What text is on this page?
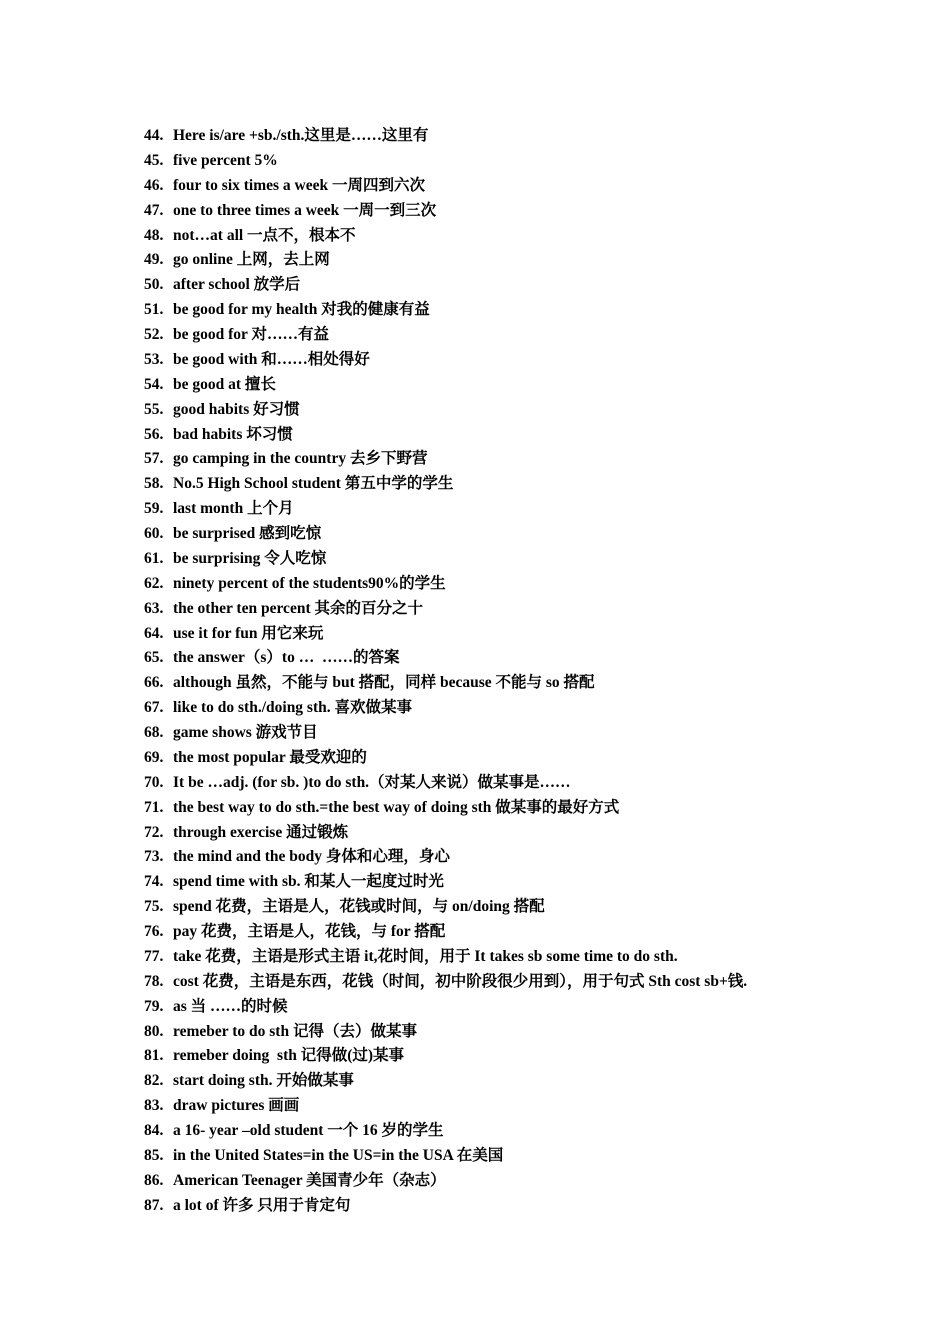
44. Here is/are +sb./sth.这里是……这里有
45. five percent 5%
46. four to six times a week 一周四到六次
47. one to three times a week 一周一到三次
48. not…at all 一点不，根本不
49. go online 上网，去上网
50. after school 放学后
51. be good for my health 对我的健康有益
52. be good for 对……有益
53. be good with 和……相处得好
54. be good at 擅长
55. good habits 好习惯
56. bad habits 坏习惯
57. go camping in the country 去乡下野营
58. No.5 High School student 第五中学的学生
59. last month 上个月
60. be surprised 感到吃惊
61. be surprising 令人吃惊
62. ninety percent of the students90%的学生
63. the other ten percent 其余的百分之十
64. use it for fun 用它来玩
65. the answer（s）to …  ……的答案
66. although 虽然，不能与 but 搭配，同样 because 不能与 so 搭配
67. like to do sth./doing sth. 喜欢做某事
68. game shows 游戏节目
69. the most popular 最受欢迎的
70. It be …adj. (for sb. )to do sth.（对某人来说）做某事是……
71. the best way to do sth.=the best way of doing sth 做某事的最好方式
72. through exercise 通过锻炼
73. the mind and the body 身体和心理，身心
74. spend time with sb. 和某人一起度过时光
75. spend 花费，主语是人，花钱或时间，与 on/doing 搭配
76. pay 花费，主语是人，花钱，与 for 搭配
77. take 花费，主语是形式主语 it,花时间，用于 It takes sb some time to do sth.
78. cost 花费，主语是东西，花钱（时间，初中阶段很少用到），用于句式 Sth cost sb+钱.
79. as 当 ……的时候
80. remeber to do sth 记得（去）做某事
81. remeber doing  sth 记得做(过)某事
82. start doing sth. 开始做某事
83. draw pictures 画画
84. a 16- year –old student 一个 16 岁的学生
85. in the United States=in the US=in the USA 在美国
86. American Teenager 美国青少年（杂志）
87. a lot of 许多 只用于肯定句
